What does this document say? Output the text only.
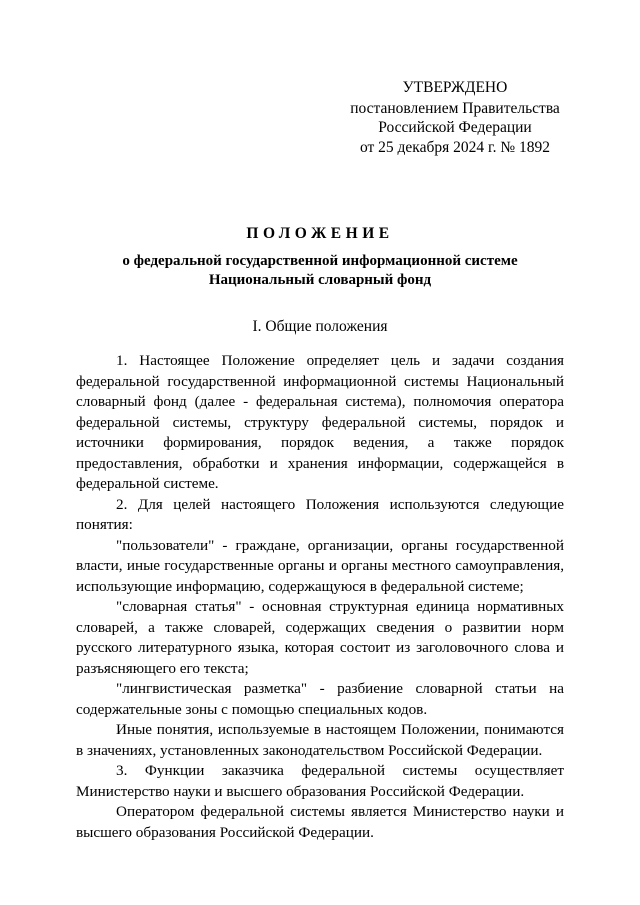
УТВЕРЖДЕНО
постановлением Правительства
Российской Федерации
от 25 декабря 2024 г. № 1892
ПОЛОЖЕНИЕ
о федеральной государственной информационной системе
Национальный словарный фонд
I. Общие положения

1. Настоящее Положение определяет цель и задачи создания федеральной государственной информационной системы Национальный словарный фонд (далее - федеральная система), полномочия оператора федеральной системы, структуру федеральной системы, порядок и источники формирования, порядок ведения, а также порядок предоставления, обработки и хранения информации, содержащейся в федеральной системе.

2. Для целей настоящего Положения используются следующие понятия:

"пользователи" - граждане, организации, органы государственной власти, иные государственные органы и органы местного самоуправления, использующие информацию, содержащуюся в федеральной системе;

"словарная статья" - основная структурная единица нормативных словарей, а также словарей, содержащих сведения о развитии норм русского литературного языка, которая состоит из заголовочного слова и разъясняющего его текста;

"лингвистическая разметка" - разбиение словарной статьи на содержательные зоны с помощью специальных кодов.

Иные понятия, используемые в настоящем Положении, понимаются в значениях, установленных законодательством Российской Федерации.

3. Функции заказчика федеральной системы осуществляет Министерство науки и высшего образования Российской Федерации.

Оператором федеральной системы является Министерство науки и высшего образования Российской Федерации.
